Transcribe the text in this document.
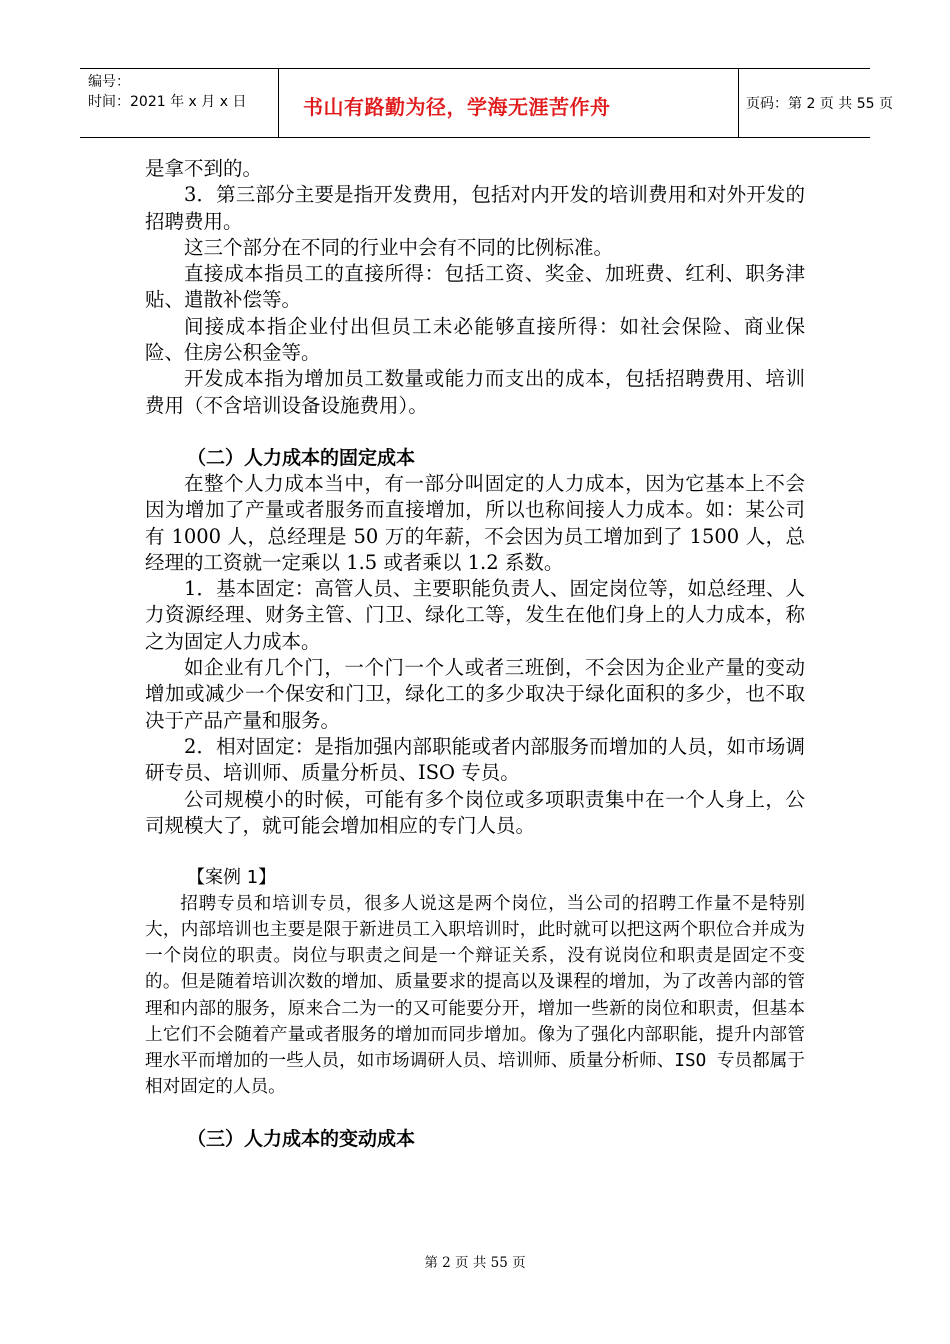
编号：
时间：2021 年 x 月 x 日	书山有路勤为径，学海无涯苦作舟	页码：第 2 页 共 55 页

是拿不到的。

3．第三部分主要是指开发费用，包括对内开发的培训费用和对外开发的招聘费用。

这三个部分在不同的行业中会有不同的比例标准。

直接成本指员工的直接所得：包括工资、奖金、加班费、红利、职务津贴、遣散补偿等。

间接成本指企业付出但员工未必能够直接所得：如社会保险、商业保险、住房公积金等。

开发成本指为增加员工数量或能力而支出的成本，包括招聘费用、培训费用（不含培训设备设施费用）。

（二）人力成本的固定成本

在整个人力成本当中，有一部分叫固定的人力成本，因为它基本上不会因为增加了产量或者服务而直接增加，所以也称间接人力成本。如：某公司有 1000 人，总经理是 50 万的年薪，不会因为员工增加到了 1500 人，总经理的工资就一定乘以 1.5 或者乘以 1.2 系数。

1．基本固定：高管人员、主要职能负责人、固定岗位等，如总经理、人力资源经理、财务主管、门卫、绿化工等，发生在他们身上的人力成本，称之为固定人力成本。

如企业有几个门，一个门一个人或者三班倒，不会因为企业产量的变动增加或减少一个保安和门卫，绿化工的多少取决于绿化面积的多少，也不取决于产品产量和服务。

2．相对固定：是指加强内部职能或者内部服务而增加的人员，如市场调研专员、培训师、质量分析员、ISO 专员。

公司规模小的时候，可能有多个岗位或多项职责集中在一个人身上，公司规模大了，就可能会增加相应的专门人员。

【案例 1】

招聘专员和培训专员，很多人说这是两个岗位，当公司的招聘工作量不是特别大，内部培训也主要是限于新进员工入职培训时，此时就可以把这两个职位合并成为一个岗位的职责。岗位与职责之间是一个辩证关系，没有说岗位和职责是固定不变的。但是随着培训次数的增加、质量要求的提高以及课程的增加，为了改善内部的管理和内部的服务，原来合二为一的又可能要分开，增加一些新的岗位和职责，但基本上它们不会随着产量或者服务的增加而同步增加。像为了强化内部职能，提升内部管理水平而增加的一些人员，如市场调研人员、培训师、质量分析师、ISO 专员都属于相对固定的人员。

（三）人力成本的变动成本

第 2 页 共 55 页
